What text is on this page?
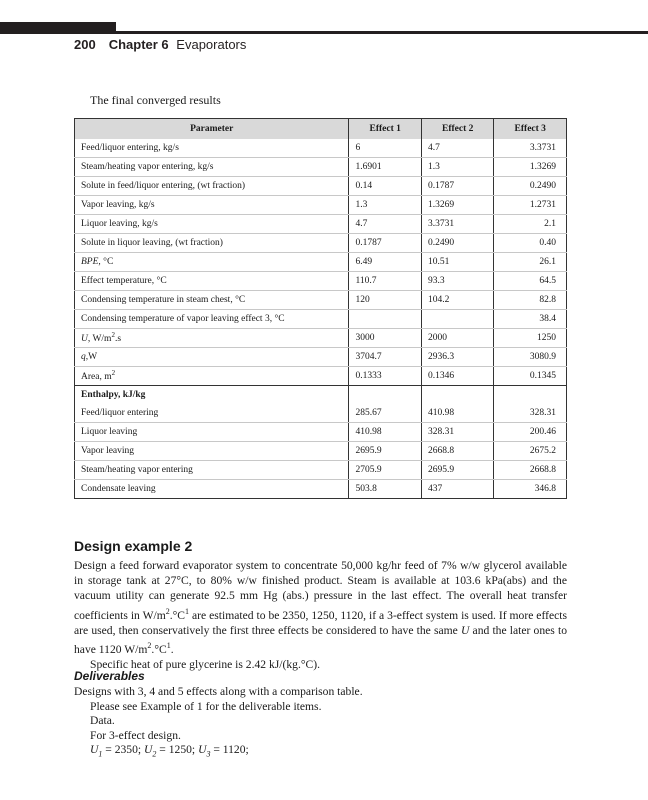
200 Chapter 6 Evaporators
The final converged results
Parameter	Effect 1	Effect 2	Effect 3
Feed/liquor entering, kg/s	6	4.7	3.3731
Steam/heating vapor entering, kg/s	1.6901	1.3	1.3269
Solute in feed/liquor entering, (wt fraction)	0.14	0.1787	0.2490
Vapor leaving, kg/s	1.3	1.3269	1.2731
Liquor leaving, kg/s	4.7	3.3731	2.1
Solute in liquor leaving, (wt fraction)	0.1787	0.2490	0.40
BPE, °C	6.49	10.51	26.1
Effect temperature, °C	110.7	93.3	64.5
Condensing temperature in steam chest, °C	120	104.2	82.8
Condensing temperature of vapor leaving effect 3, °C			38.4
U, $W/m^2.s$	3000	2000	1250
q,W	3704.7	2936.3	3080.9
Area, $m^2$	0.1333	0.1346	0.1345
Enthalpy, kJ/kg			
Feed/liquor entering	285.67	410.98	328.31
Liquor leaving	410.98	328.31	200.46
Vapor leaving	2695.9	2668.8	2675.2
Steam/heating vapor entering	2705.9	2695.9	2668.8
Condensate leaving	503.8	437	346.8
Design example 2

Design a feed forward evaporator system to concentrate 50,000 kg/hr feed of 7% w/w glycerol available in storage tank at 27°C, to 80% w/w finished product. Steam is available at 103.6 kPa(abs) and the vacuum utility can generate 92.5 mm Hg (abs.) pressure in the last effect. The overall heat transfer coefficients in $W/m^2.^\circ C^1$ are estimated to be 2350, 1250, 1120, if a 3-effect system is used. If more effects are used, then conservatively the first three effects be considered to have the same U and the later ones to have 1120 $W/m^2.^\circ C^1$.

Specific heat of pure glycerine is 2.42 kJ/(kg.°C).

Deliverables
Designs with 3, 4 and 5 effects along with a comparison table.
Please see Example of 1 for the deliverable items.
Data.
For 3-effect design.
$U_1 = 2350$; $U_2 = 1250$; $U_3 = 1120$;
